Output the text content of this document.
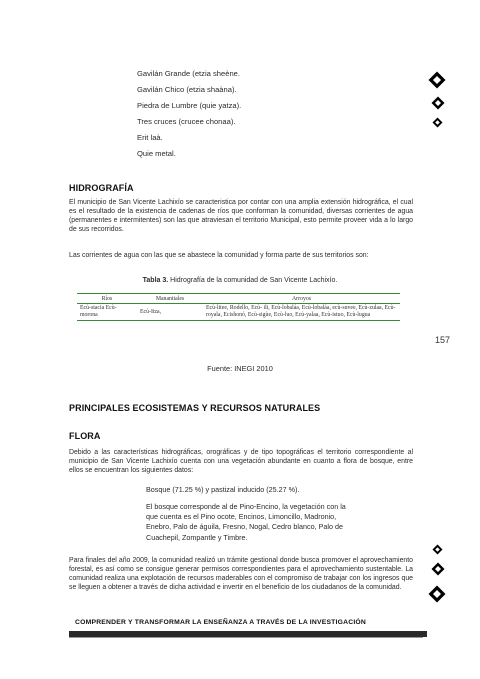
Gavilán Grande (etzia sheène.
Gavilán Chico (etzia shaàna).
Piedra de Lumbre (quie yatza).
Tres cruces (crucee chonaa).
Erit laà.
Quie metal.
HIDROGRAFÍA

El municipio de San Vicente Lachixío se caracteristica por contar con una amplia extensión hidrográfica, el cual es el resultado de la existencia de cadenas de ríos que conforman la comunidad, diversas corrientes de agua (permanentes e intermitentes) son las que atraviesan el territorio Municipal, esto permite proveer vida a lo largo de sus recorridos.

Las corrientes de agua con las que se abastece la comunidad y forma parte de sus territorios son:

Tabla 3. Hidrografía de la comunidad de San Vicente Lachixío.
Ríos	Manantiales	Arroyos
Ecù-stacia Ecù-morona	Ecù-Itza,	Ecù-litee, Rodello, Ecù- ili, Ecù-lobaláa, Ecù-lobaláa, ecù-suvee, Ecù-zulaa, Ecù-royala, Ecishonó, Ecù-sigùe, Ecù-luo, Ecù-yalaa, Ecù-istuo, Ecù-lugua
157
Fuente: INEGI 2010
PRINCIPALES ECOSISTEMAS Y RECURSOS NATURALES
FLORA

Debido a las características hidrográficas, orográficas y de tipo topográficas el territorio correspondiente al municipio de San Vicente Lachixío cuenta con una vegetación abundante en cuanto a flora de bosque, entre ellos se encuentran los siguientes datos:

Bosque (71.25 %) y pastizal inducido (25.27 %).

El bosque corresponde al de Pino-Encino, la vegetación con la que cuenta es el Pino ocote, Encinos, Limoncillo, Madronio, Enebro, Palo de águila, Fresno, Nogal, Cedro blanco, Palo de Cuachepil, Zompantle y Timbre.

Para finales del año 2009, la comunidad realizó un trámite gestional donde busca promover el aprovechamiento forestal, es así como se consigue generar permisos correspondientes para el aprovechamiento sustentable. La comunidad realiza una explotación de recursos maderables con el compromiso de trabajar con los ingresos que se lleguen a obtener a través de dicha actividad e invertir en el beneficio de los ciudadanos de la comunidad.

COMPRENDER Y TRANSFORMAR LA ENSEÑANZA A TRAVÉS DE LA INVESTIGACIÓN
